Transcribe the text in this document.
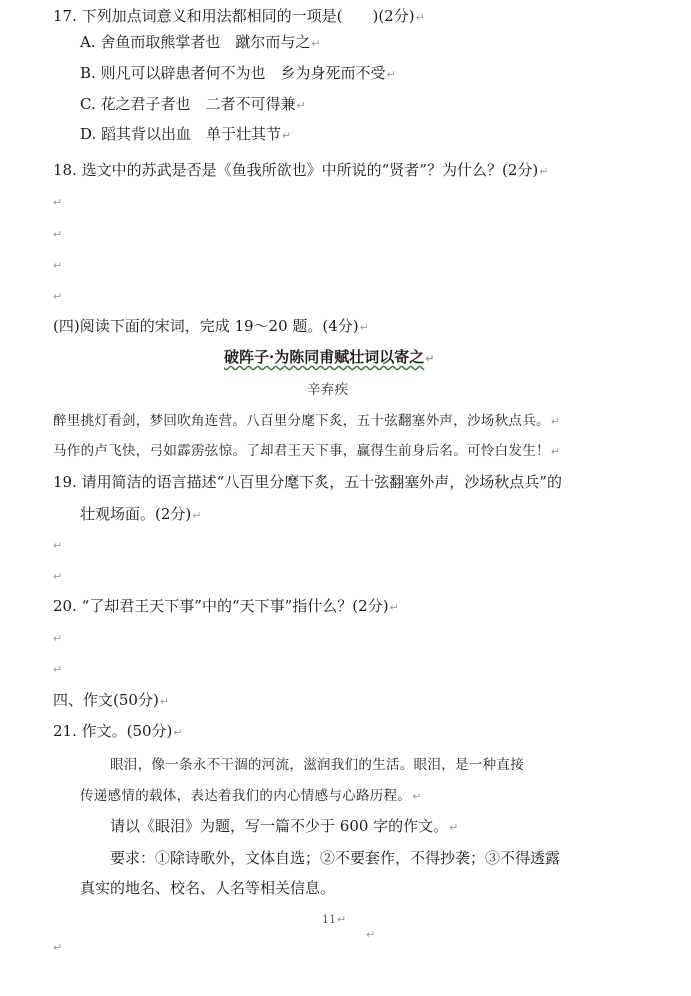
17. 下列加点词意义和用法都相同的一项是(　　)(2分)↵
A. 舍鱼而取熊掌者也　蹴尔而与之↵
B. 则凡可以辟患者何不为也　乡为身死而不受↵
C. 花之君子者也　二者不可得兼↵
D. 蹈其背以出血　单于壮其节↵
18. 选文中的苏武是否是《鱼我所欲也》中所说的“贤者”？为什么？(2分)↵
↵
↵
↵
↵
(四)阅读下面的宋词，完成 19～20 题。(4分)↵
破阵子·为陈同甫赋壮词以寄之↵
辛弃疾
醉里挑灯看剑，梦回吹角连营。八百里分麾下炙，五十弦翻塞外声，沙场秋点兵。↵
马作的卢飞快，弓如霹雳弦惊。了却君王天下事，赢得生前身后名。可怜白发生！↵
19. 请用简洁的语言描述“八百里分麾下炙，五十弦翻塞外声，沙场秋点兵”的
壮观场面。(2分)↵
↵
↵
20. “了却君王天下事”中的“天下事”指什么？(2分)↵
↵
↵
四、作文(50分)↵
21. 作文。(50分)↵
眼泪，像一条永不干涸的河流，滋润我们的生活。眼泪，是一种直接
传递感情的载体，表达着我们的内心情感与心路历程。↵
请以《眼泪》为题，写一篇不少于 600 字的作文。↵
要求：①除诗歌外，文体自选；②不要套作，不得抄袭；③不得透露
真实的地名、校名、人名等相关信息。
11↵
↵
↵
